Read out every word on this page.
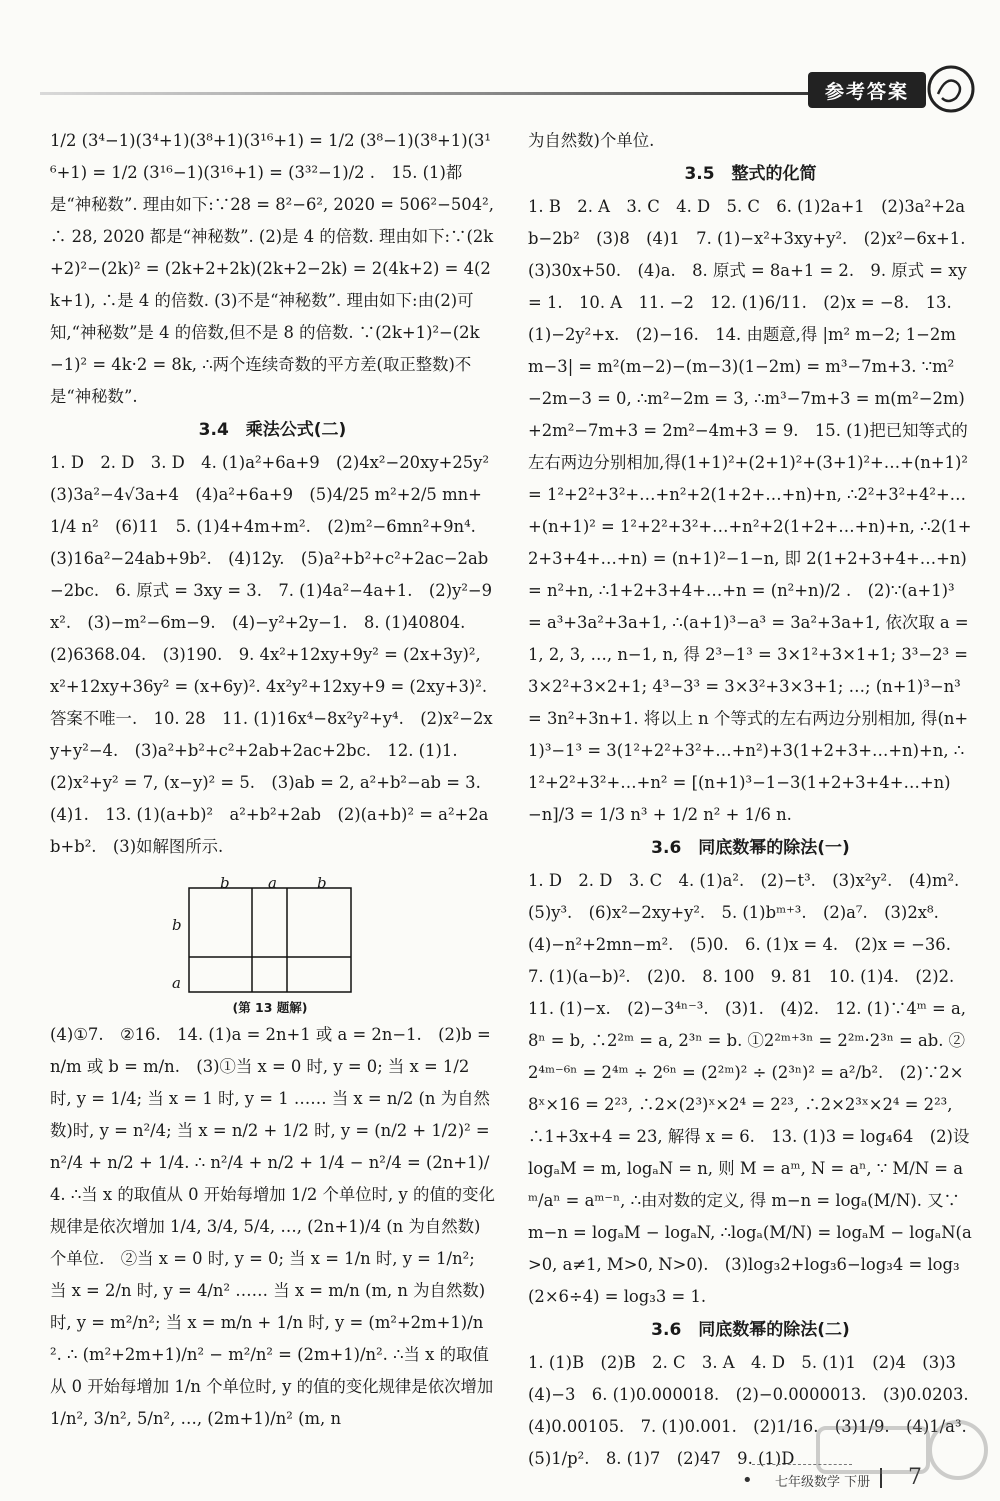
参考答案

1/2 (3⁴−1)(3⁴+1)(3⁸+1)(3¹⁶+1) = 1/2 (3⁸−1)(3⁸+1)(3¹⁶+1) = 1/2 (3¹⁶−1)(3¹⁶+1) = (3³²−1)/2 .　15. (1)都是“神秘数”. 理由如下:∵28 = 8²−6², 2020 = 506²−504², ∴ 28, 2020 都是“神秘数”. (2)是 4 的倍数. 理由如下:∵(2k+2)²−(2k)² = (2k+2+2k)(2k+2−2k) = 2(4k+2) = 4(2k+1), ∴是 4 的倍数. (3)不是“神秘数”. 理由如下:由(2)可知,“神秘数”是 4 的倍数,但不是 8 的倍数. ∵(2k+1)²−(2k−1)² = 4k·2 = 8k, ∴两个连续奇数的平方差(取正整数)不是“神秘数”.

3.4　乘法公式(二)

1. D　2. D　3. D　4. (1)a²+6a+9　(2)4x²−20xy+25y²　(3)3a²−4√3a+4　(4)a²+6a+9　(5)4/25 m²+2/5 mn+1/4 n²　(6)11　5. (1)4+4m+m².　(2)m²−6mn²+9n⁴.　(3)16a²−24ab+9b².　(4)12y.　(5)a²+b²+c²+2ac−2ab−2bc.　6. 原式 = 3xy = 3.　7. (1)4a²−4a+1.　(2)y²−9x².　(3)−m²−6m−9.　(4)−y²+2y−1.　8. (1)40804.　(2)6368.04.　(3)190.　9. 4x²+12xy+9y² = (2x+3y)², x²+12xy+36y² = (x+6y)². 4x²y²+12xy+9 = (2xy+3)². 答案不唯一.　10. 28　11. (1)16x⁴−8x²y²+y⁴.　(2)x²−2xy+y²−4.　(3)a²+b²+c²+2ab+2ac+2bc.　12. (1)1.　(2)x²+y² = 7, (x−y)² = 5.　(3)ab = 2, a²+b²−ab = 3.　(4)1.　13. (1)(a+b)²　a²+b²+2ab　(2)(a+b)² = a²+2ab+b².　(3)如解图所示.

b	a	b
b
a
(第 13 题解)

(4)①7.　②16.　14. (1)a = 2n+1 或 a = 2n−1.　(2)b = n/m 或 b = m/n.　(3)①当 x = 0 时, y = 0; 当 x = 1/2 时, y = 1/4; 当 x = 1 时, y = 1 …… 当 x = n/2 (n 为自然数)时, y = n²/4; 当 x = n/2 + 1/2 时, y = (n/2 + 1/2)² = n²/4 + n/2 + 1/4. ∴ n²/4 + n/2 + 1/4 − n²/4 = (2n+1)/4. ∴当 x 的取值从 0 开始每增加 1/2 个单位时, y 的值的变化规律是依次增加 1/4, 3/4, 5/4, …, (2n+1)/4 (n 为自然数)个单位.　②当 x = 0 时, y = 0; 当 x = 1/n 时, y = 1/n²; 当 x = 2/n 时, y = 4/n² …… 当 x = m/n (m, n 为自然数)时, y = m²/n²; 当 x = m/n + 1/n 时, y = (m²+2m+1)/n². ∴ (m²+2m+1)/n² − m²/n² = (2m+1)/n². ∴当 x 的取值从 0 开始每增加 1/n 个单位时, y 的值的变化规律是依次增加 1/n², 3/n², 5/n², …, (2m+1)/n² (m, n

为自然数)个单位.

3.5　整式的化简

1. B　2. A　3. C　4. D　5. C　6. (1)2a+1　(2)3a²+2ab−2b²　(3)8　(4)1　7. (1)−x²+3xy+y².　(2)x²−6x+1.　(3)30x+50.　(4)a.　8. 原式 = 8a+1 = 2.　9. 原式 = xy = 1.　10. A　11. −2　12. (1)6/11.　(2)x = −8.　13. (1)−2y²+x.　(2)−16.　14. 由题意,得 |m² m−2; 1−2m m−3| = m²(m−2)−(m−3)(1−2m) = m³−7m+3. ∵m²−2m−3 = 0, ∴m²−2m = 3, ∴m³−7m+3 = m(m²−2m)+2m²−7m+3 = 2m²−4m+3 = 9.　15. (1)把已知等式的左右两边分别相加,得(1+1)²+(2+1)²+(3+1)²+…+(n+1)² = 1²+2²+3²+…+n²+2(1+2+…+n)+n, ∴2²+3²+4²+…+(n+1)² = 1²+2²+3²+…+n²+2(1+2+…+n)+n, ∴2(1+2+3+4+…+n) = (n+1)²−1−n, 即 2(1+2+3+4+…+n) = n²+n, ∴1+2+3+4+…+n = (n²+n)/2 .　(2)∵(a+1)³ = a³+3a²+3a+1, ∴(a+1)³−a³ = 3a²+3a+1, 依次取 a = 1, 2, 3, …, n−1, n, 得 2³−1³ = 3×1²+3×1+1; 3³−2³ = 3×2²+3×2+1; 4³−3³ = 3×3²+3×3+1; …; (n+1)³−n³ = 3n²+3n+1. 将以上 n 个等式的左右两边分别相加, 得(n+1)³−1³ = 3(1²+2²+3²+…+n²)+3(1+2+3+…+n)+n, ∴1²+2²+3²+…+n² = [(n+1)³−1−3(1+2+3+4+…+n)−n]/3 = 1/3 n³ + 1/2 n² + 1/6 n.

3.6　同底数幂的除法(一)

1. D　2. D　3. C　4. (1)a².　(2)−t³.　(3)x²y².　(4)m².　(5)y³.　(6)x²−2xy+y².　5. (1)bᵐ⁺³.　(2)a⁷.　(3)2x⁸.　(4)−n²+2mn−m².　(5)0.　6. (1)x = 4.　(2)x = −36.　7. (1)(a−b)².　(2)0.　8. 100　9. 81　10. (1)4.　(2)2.　11. (1)−x.　(2)−3⁴ⁿ⁻³.　(3)1.　(4)2.　12. (1)∵4ᵐ = a, 8ⁿ = b, ∴2²ᵐ = a, 2³ⁿ = b. ①2²ᵐ⁺³ⁿ = 2²ᵐ·2³ⁿ = ab. ②2⁴ᵐ⁻⁶ⁿ = 2⁴ᵐ ÷ 2⁶ⁿ = (2²ᵐ)² ÷ (2³ⁿ)² = a²/b².　(2)∵2×8ˣ×16 = 2²³, ∴2×(2³)ˣ×2⁴ = 2²³, ∴2×2³ˣ×2⁴ = 2²³, ∴1+3x+4 = 23, 解得 x = 6.　13. (1)3 = log₄64　(2)设 logₐM = m, logₐN = n, 则 M = aᵐ, N = aⁿ, ∵ M/N = aᵐ/aⁿ = aᵐ⁻ⁿ, ∴由对数的定义, 得 m−n = logₐ(M/N). 又∵m−n = logₐM − logₐN, ∴logₐ(M/N) = logₐM − logₐN(a>0, a≠1, M>0, N>0).　(3)log₃2+log₃6−log₃4 = log₃(2×6÷4) = log₃3 = 1.

3.6　同底数幂的除法(二)

1. (1)B　(2)B　2. C　3. A　4. D　5. (1)1　(2)4　(3)3　(4)−3　6. (1)0.000018.　(2)−0.0000013.　(3)0.0203.　(4)0.00105.　7. (1)0.001.　(2)1/16.　(3)1/9.　(4)1/a³.　(5)1/p².　8. (1)7　(2)47　9. (1)D

• 七年级数学 下册 7
